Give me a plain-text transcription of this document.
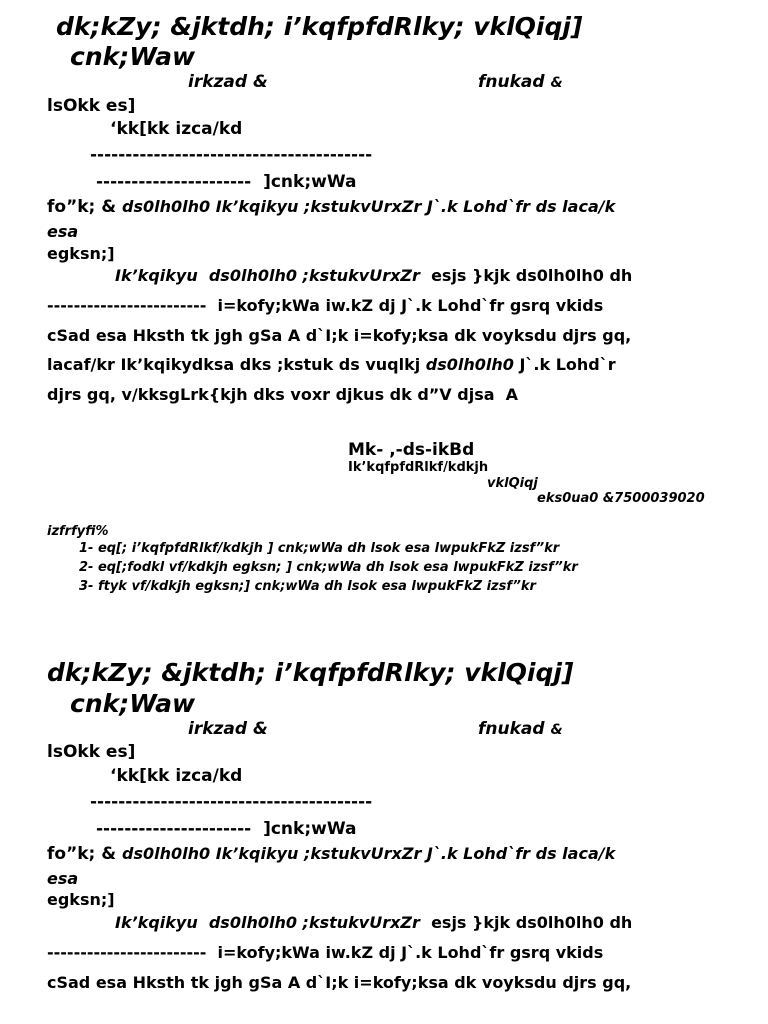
dk;kZy; &jktdh; i’kqfpfdRlky; vklQiqj]
cnk;Waw
irkzad &	fnukad &
lsOkk es]
‘kk[kk izca/kd
----------------------------------------
---------------------- ]cnk;wWa
fo”k; & ds0lh0lh0 Ik’kqikyu ;kstukvUrxZr J`.k Lohd`fr ds laca/k
esa
egksn;]
Ik’kqikyu  ds0lh0lh0 ;kstukvUrxZr  esjs }kjk ds0lh0lh0 dh
------------------------  i=kofy;kWa iw.kZ dj J`.k Lohd`fr gsrq vkids
cSad esa Hksth tk jgh gSa A d`I;k i=kofy;ksa dk voyksdu djrs gq,
lacaf/kr Ik’kqikydksa dks ;kstuk ds vuqlkj ds0lh0lh0 J`.k Lohd`r
djrs gq, v/kksgLrk{kjh dks voxr djkus dk d”V djsa  A
Mk- ,-ds-ikBd
Ik’kqfpfdRlkf/kdkjh
vklQiqj
eks0ua0 &7500039020
izfrfyfi%
1- eq[; i’kqfpfdRlkf/kdkjh ] cnk;wWa dh lsok esa lwpukFkZ izsf”kr
2- eq[;fodkl vf/kdkjh egksn; ] cnk;wWa dh lsok esa lwpukFkZ izsf”kr
3- ftyk vf/kdkjh egksn;] cnk;wWa dh lsok esa lwpukFkZ izsf”kr
dk;kZy; &jktdh; i’kqfpfdRlky; vklQiqj]
cnk;Waw
irkzad &	fnukad &
lsOkk es]
‘kk[kk izca/kd
----------------------------------------
---------------------- ]cnk;wWa
fo”k; & ds0lh0lh0 Ik’kqikyu ;kstukvUrxZr J`.k Lohd`fr ds laca/k
esa
egksn;]
Ik’kqikyu  ds0lh0lh0 ;kstukvUrxZr  esjs }kjk ds0lh0lh0 dh
------------------------  i=kofy;kWa iw.kZ dj J`.k Lohd`fr gsrq vkids
cSad esa Hksth tk jgh gSa A d`I;k i=kofy;ksa dk voyksdu djrs gq,
